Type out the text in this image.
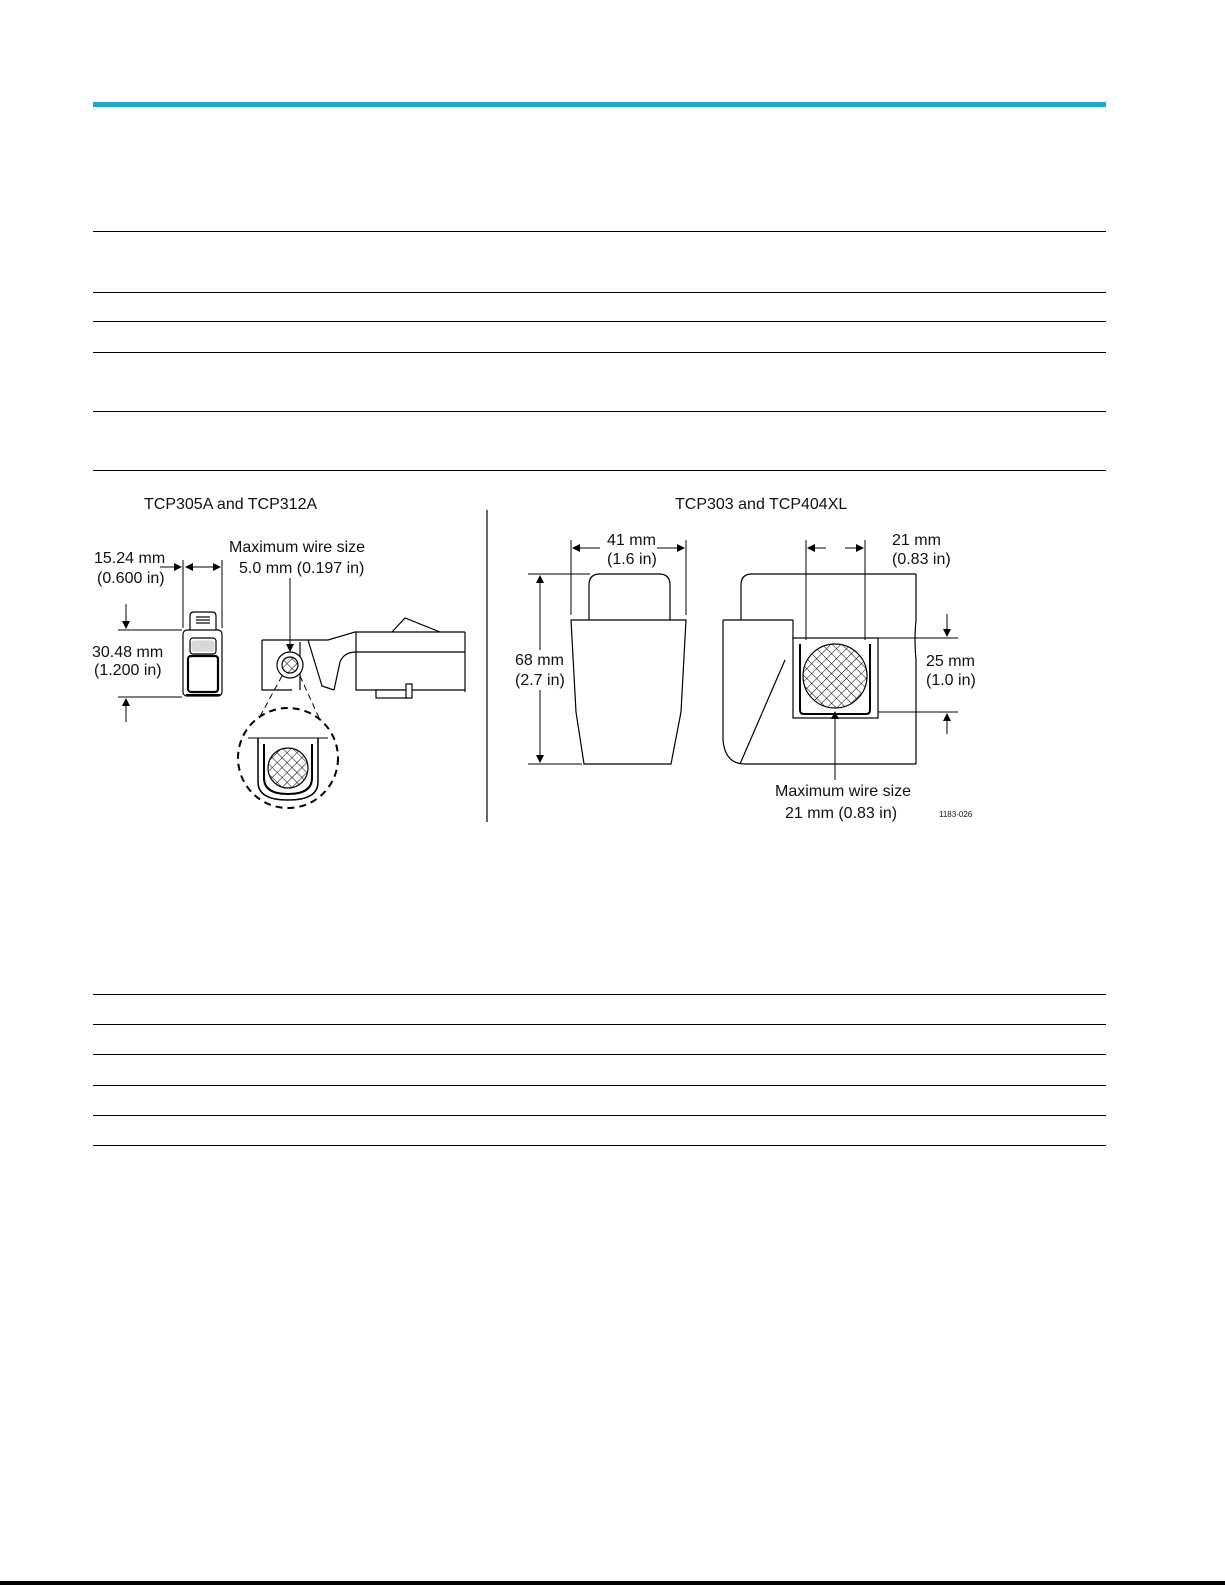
TCP305A and TCP312A	TCP303 and TCP404XL
15.24 mm
(0.600 in)
30.48 mm
(1.200 in)
Maximum wire size
5.0 mm (0.197 in)
41 mm
(1.6 in)
68 mm
(2.7 in)
21 mm
(0.83 in)
25 mm
(1.0 in)
Maximum wire size
21 mm (0.83 in)	1183-026
